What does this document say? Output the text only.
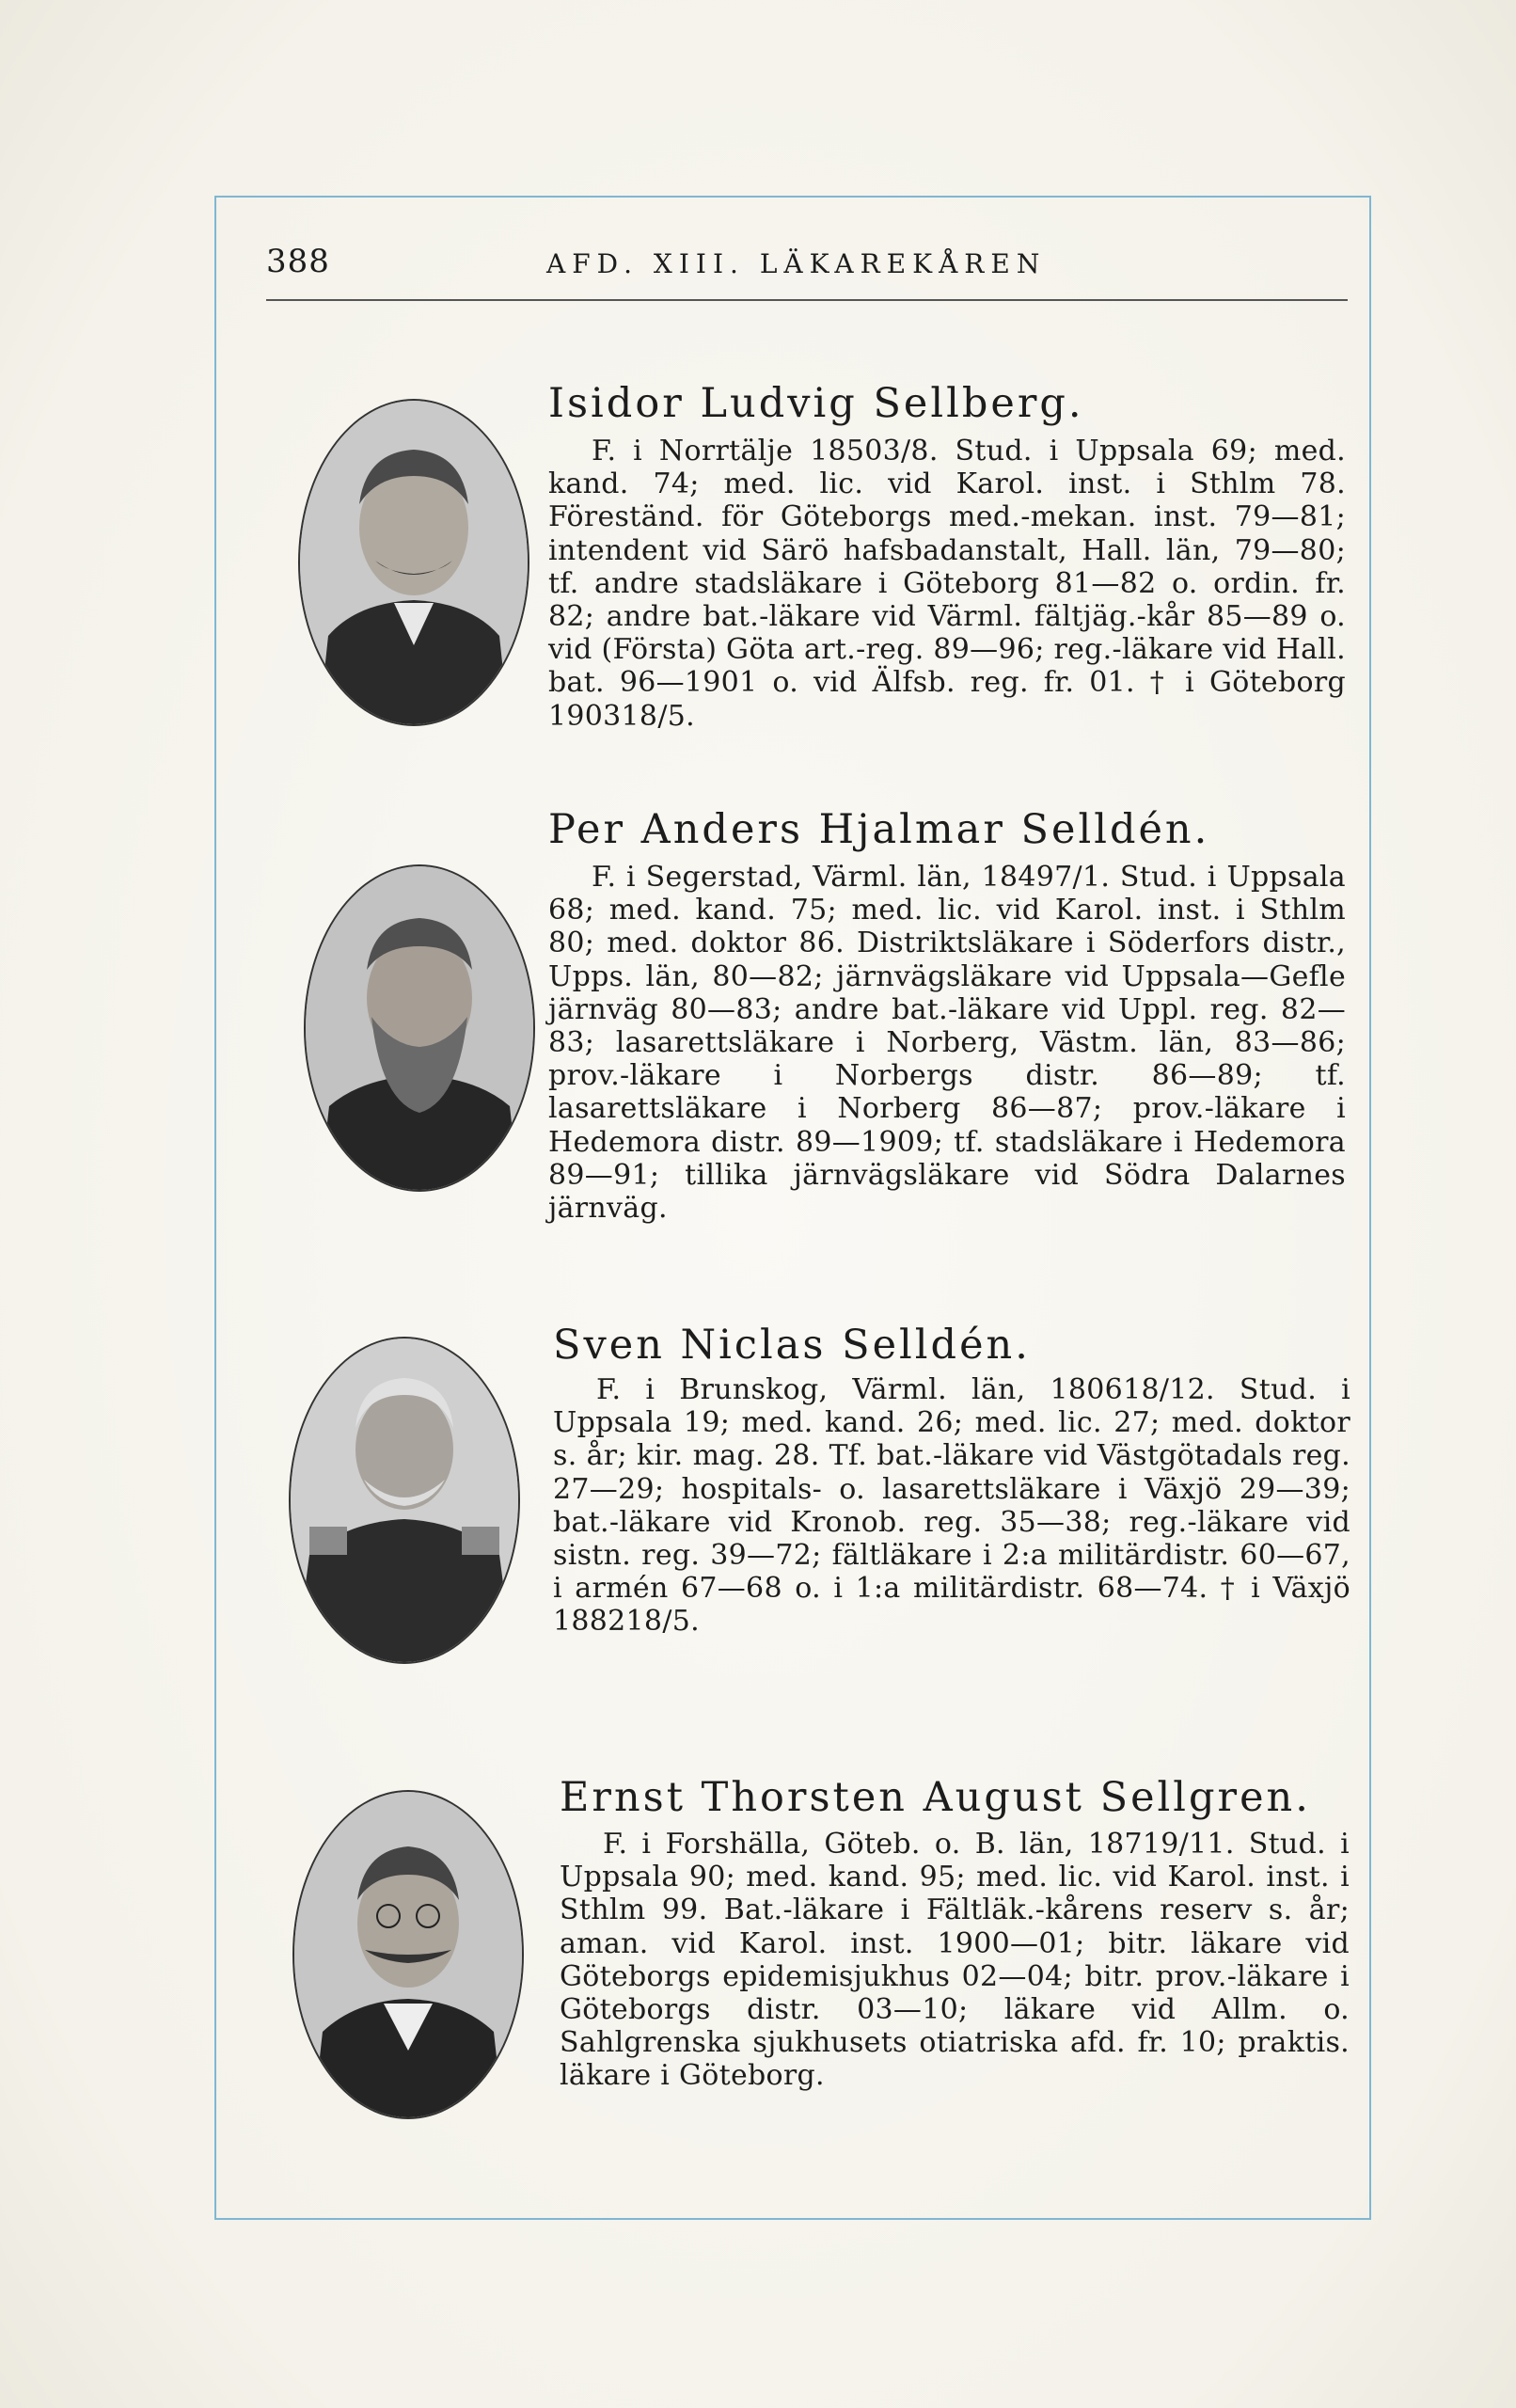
388	AFD. XIII. LÄKAREKÅREN
Isidor Ludvig Sellberg.
F. i Norrtälje 18503/8. Stud. i Uppsala 69; med. kand. 74; med. lic. vid Karol. inst. i Sthlm 78. Föreständ. för Göteborgs med.-mekan. inst. 79—81; intendent vid Särö hafsbadanstalt, Hall. län, 79—80; tf. andre stadsläkare i Göteborg 81—82 o. ordin. fr. 82; andre bat.-läkare vid Värml. fältjäg.-kår 85—89 o. vid (Första) Göta art.-reg. 89—96; reg.-läkare vid Hall. bat. 96—1901 o. vid Älfsb. reg. fr. 01. † i Göteborg 190318/5.
Per Anders Hjalmar Selldén.
F. i Segerstad, Värml. län, 18497/1. Stud. i Uppsala 68; med. kand. 75; med. lic. vid Karol. inst. i Sthlm 80; med. doktor 86. Distriktsläkare i Söderfors distr., Upps. län, 80—82; järnvägsläkare vid Uppsala—Gefle järnväg 80—83; andre bat.-läkare vid Uppl. reg. 82—83; lasarettsläkare i Norberg, Västm. län, 83—86; prov.-läkare i Norbergs distr. 86—89; tf. lasarettsläkare i Norberg 86—87; prov.-läkare i Hedemora distr. 89—1909; tf. stadsläkare i Hedemora 89—91; tillika järnvägsläkare vid Södra Dalarnes järnväg.
Sven Niclas Selldén.
F. i Brunskog, Värml. län, 180618/12. Stud. i Uppsala 19; med. kand. 26; med. lic. 27; med. doktor s. år; kir. mag. 28. Tf. bat.-läkare vid Västgötadals reg. 27—29; hospitals- o. lasarettsläkare i Växjö 29—39; bat.-läkare vid Kronob. reg. 35—38; reg.-läkare vid sistn. reg. 39—72; fältläkare i 2:a militärdistr. 60—67, i armén 67—68 o. i 1:a militärdistr. 68—74. † i Växjö 188218/5.
Ernst Thorsten August Sellgren.
F. i Forshälla, Göteb. o. B. län, 18719/11. Stud. i Uppsala 90; med. kand. 95; med. lic. vid Karol. inst. i Sthlm 99. Bat.-läkare i Fältläk.-kårens reserv s. år; aman. vid Karol. inst. 1900—01; bitr. läkare vid Göteborgs epidemisjukhus 02—04; bitr. prov.-läkare i Göteborgs distr. 03—10; läkare vid Allm. o. Sahlgrenska sjukhusets otiatriska afd. fr. 10; praktis. läkare i Göteborg.
